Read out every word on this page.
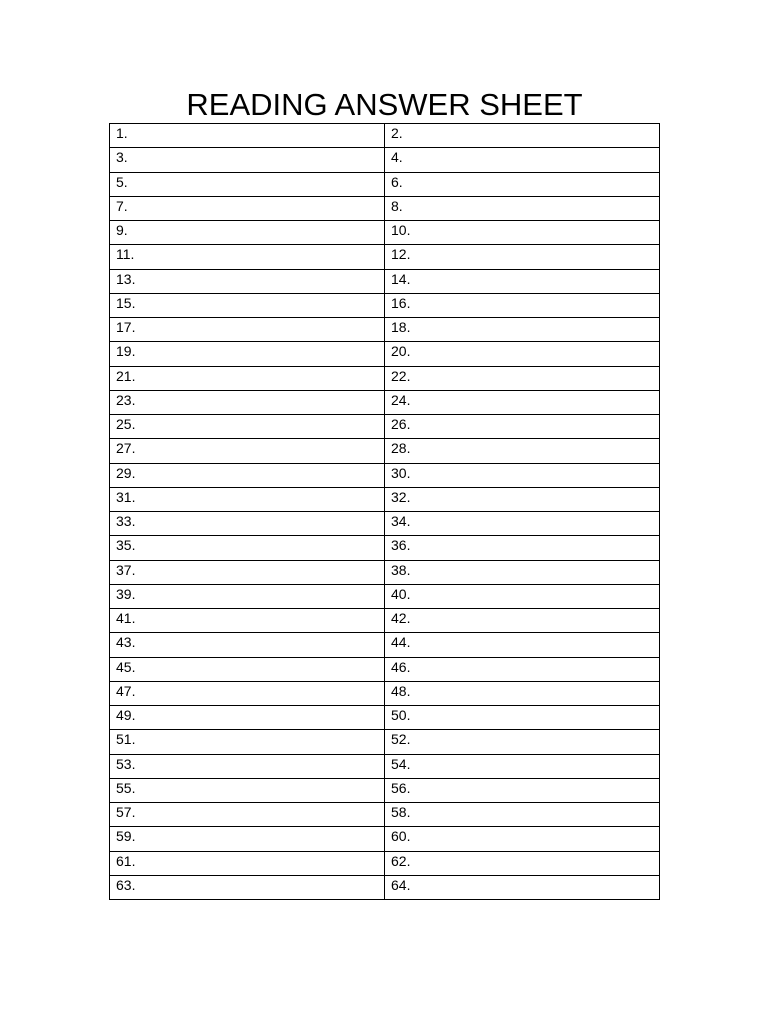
READING ANSWER SHEET
1.	2.
3.	4.
5.	6.
7.	8.
9.	10.
11.	12.
13.	14.
15.	16.
17.	18.
19.	20.
21.	22.
23.	24.
25.	26.
27.	28.
29.	30.
31.	32.
33.	34.
35.	36.
37.	38.
39.	40.
41.	42.
43.	44.
45.	46.
47.	48.
49.	50.
51.	52.
53.	54.
55.	56.
57.	58.
59.	60.
61.	62.
63.	64.
